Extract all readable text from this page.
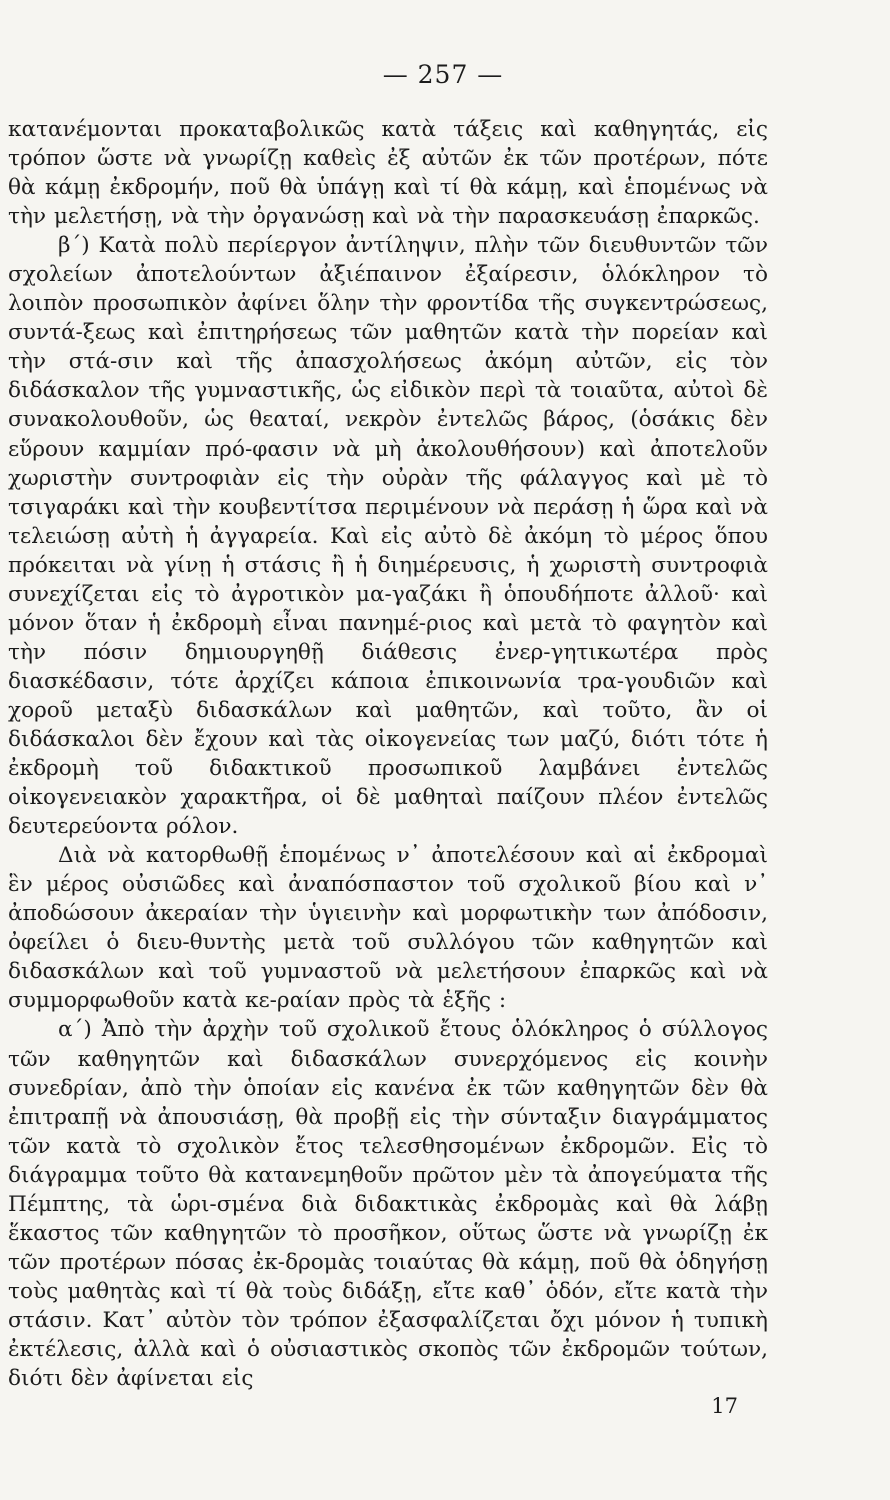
— 257 —

κατανέμονται προκαταβολικῶς κατὰ τάξεις καὶ καθηγητάς, εἰς τρόπον ὥστε νὰ γνωρίζῃ καθεὶς ἐξ αὐτῶν ἐκ τῶν προτέρων, πότε θὰ κάμῃ ἐκδρομήν, ποῦ θὰ ὑπάγῃ καὶ τί θὰ κάμῃ, καὶ ἑπομένως νὰ τὴν μελετήσῃ, νὰ τὴν ὀργανώσῃ καὶ νὰ τὴν παρασκευάσῃ ἐπαρκῶς.

β΄) Κατὰ πολὺ περίεργον ἀντίληψιν, πλὴν τῶν διευθυντῶν τῶν σχολείων ἀποτελούντων ἀξιέπαινον ἐξαίρεσιν, ὁλόκληρον τὸ λοιπὸν προσωπικὸν ἀφίνει ὅλην τὴν φροντίδα τῆς συγκεντρώσεως, συντά-ξεως καὶ ἐπιτηρήσεως τῶν μαθητῶν κατὰ τὴν πορείαν καὶ τὴν στά-σιν καὶ τῆς ἀπασχολήσεως ἀκόμη αὐτῶν, εἰς τὸν διδάσκαλον τῆς γυμναστικῆς, ὡς εἰδικὸν περὶ τὰ τοιαῦτα, αὐτοὶ δὲ συνακολουθοῦν, ὡς θεαταί, νεκρὸν ἐντελῶς βάρος, (ὁσάκις δὲν εὕρουν καμμίαν πρό-φασιν νὰ μὴ ἀκολουθήσουν) καὶ ἀποτελοῦν χωριστὴν συντροφιὰν εἰς τὴν οὐρὰν τῆς φάλαγγος καὶ μὲ τὸ τσιγαράκι καὶ τὴν κουβεντίτσα περιμένουν νὰ περάσῃ ἡ ὥρα καὶ νὰ τελειώσῃ αὐτὴ ἡ ἀγγαρεία. Καὶ εἰς αὐτὸ δὲ ἀκόμη τὸ μέρος ὅπου πρόκειται νὰ γίνῃ ἡ στάσις ἢ ἡ διημέρευσις, ἡ χωριστὴ συντροφιὰ συνεχίζεται εἰς τὸ ἀγροτικὸν μα-γαζάκι ἢ ὁπουδήποτε ἀλλοῦ· καὶ μόνον ὅταν ἡ ἐκδρομὴ εἶναι πανημέ-ριος καὶ μετὰ τὸ φαγητὸν καὶ τὴν πόσιν δημιουργηθῇ διάθεσις ἐνερ-γητικωτέρα πρὸς διασκέδασιν, τότε ἀρχίζει κάποια ἐπικοινωνία τρα-γουδιῶν καὶ χοροῦ μεταξὺ διδασκάλων καὶ μαθητῶν, καὶ τοῦτο, ἂν οἱ διδάσκαλοι δὲν ἔχουν καὶ τὰς οἰκογενείας των μαζύ, διότι τότε ἡ ἐκδρομὴ τοῦ διδακτικοῦ προσωπικοῦ λαμβάνει ἐντελῶς οἰκογενειακὸν χαρακτῆρα, οἱ δὲ μαθηταὶ παίζουν πλέον ἐντελῶς δευτερεύοντα ρόλον.

Διὰ νὰ κατορθωθῇ ἑπομένως ν᾽ ἀποτελέσουν καὶ αἱ ἐκδρομαὶ ἓν μέρος οὐσιῶδες καὶ ἀναπόσπαστον τοῦ σχολικοῦ βίου καὶ ν᾽ ἀποδώσουν ἀκεραίαν τὴν ὑγιεινὴν καὶ μορφωτικὴν των ἀπόδοσιν, ὀφείλει ὁ διευ-θυντὴς μετὰ τοῦ συλλόγου τῶν καθηγητῶν καὶ διδασκάλων καὶ τοῦ γυμναστοῦ νὰ μελετήσουν ἐπαρκῶς καὶ νὰ συμμορφωθοῦν κατὰ κε-ραίαν πρὸς τὰ ἑξῆς :

α΄) Ἀπὸ τὴν ἀρχὴν τοῦ σχολικοῦ ἔτους ὁλόκληρος ὁ σύλλογος τῶν καθηγητῶν καὶ διδασκάλων συνερχόμενος εἰς κοινὴν συνεδρίαν, ἀπὸ τὴν ὁποίαν εἰς κανένα ἐκ τῶν καθηγητῶν δὲν θὰ ἐπιτραπῇ νὰ ἀπουσιάσῃ, θὰ προβῇ εἰς τὴν σύνταξιν διαγράμματος τῶν κατὰ τὸ σχολικὸν ἔτος τελεσθησομένων ἐκδρομῶν. Εἰς τὸ διάγραμμα τοῦτο θὰ κατανεμηθοῦν πρῶτον μὲν τὰ ἀπογεύματα τῆς Πέμπτης, τὰ ὡρι-σμένα διὰ διδακτικὰς ἐκδρομὰς καὶ θὰ λάβῃ ἕκαστος τῶν καθηγητῶν τὸ προσῆκον, οὕτως ὥστε νὰ γνωρίζῃ ἐκ τῶν προτέρων πόσας ἐκ-δρομὰς τοιαύτας θὰ κάμῃ, ποῦ θὰ ὁδηγήσῃ τοὺς μαθητὰς καὶ τί θὰ τοὺς διδάξῃ, εἴτε καθ᾽ ὁδόν, εἴτε κατὰ τὴν στάσιν. Κατ᾽ αὐτὸν τὸν τρόπον ἐξασφαλίζεται ὄχι μόνον ἡ τυπικὴ ἐκτέλεσις, ἀλλὰ καὶ ὁ οὐσιαστικὸς σκοπὸς τῶν ἐκδρομῶν τούτων, διότι δὲν ἀφίνεται εἰς

17
